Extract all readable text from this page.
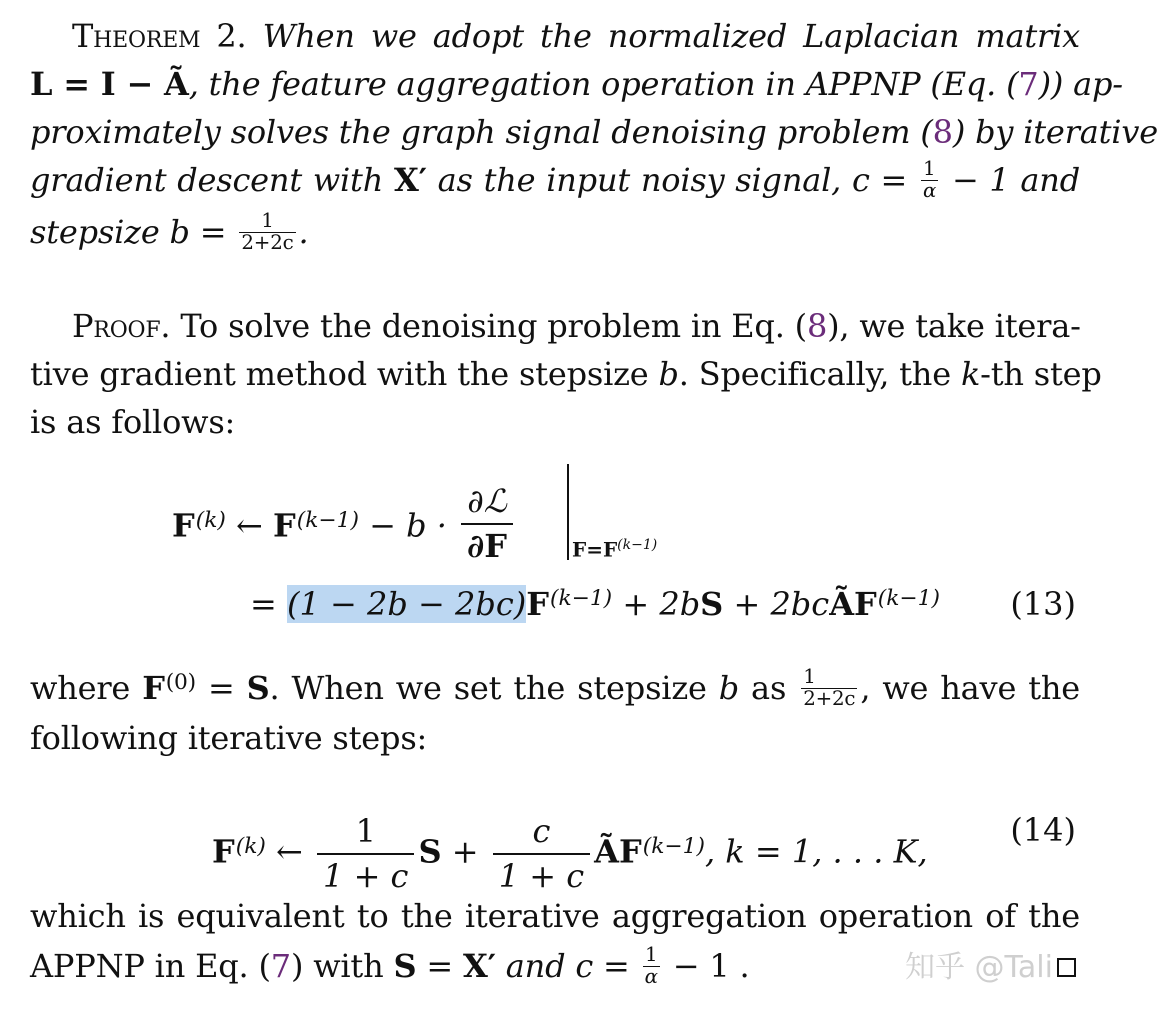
Theorem 2. When we adopt the normalized Laplacian matrix
L = I − Ã, the feature aggregation operation in APPNP (Eq. (7)) ap-
proximately solves the graph signal denoising problem (8) by iterative
gradient descent with X′ as the input noisy signal, $c = \frac{1}{\alpha} - 1$ and
stepsize $b = \frac{1}{2+2c}$ .
Proof. To solve the denoising problem in Eq. (8), we take itera-
tive gradient method with the stepsize b. Specifically, the k-th step
is as follows:
$F^{(k)}$ ← $F^{(k-1)} - b \cdot \frac{\text{∂ℒ}}{\partial F}$	$F=F^{(k-1)}$
= $(1 - 2b - 2bc)F^{(k-1)} + 2bS$ + 2bcÃF$^{(k-1)}$ (13)
where $F^{(0)} = S$. When we set the stepsize b as $\frac{1}{2+2c}$ , we have the
following iterative steps:
$F^{(k)}$ ← $\frac{1}{1 + c}$ $S + \frac{c}{1 + c}$ $ÃF^{(k-1)}$, k = 1, . . . K,
(14)
which is equivalent to the iterative aggregation operation of the
APPNP in Eq. (7) with S = X′ and $c = \frac{1}{\alpha} - 1$ .	知乎 @Tali
